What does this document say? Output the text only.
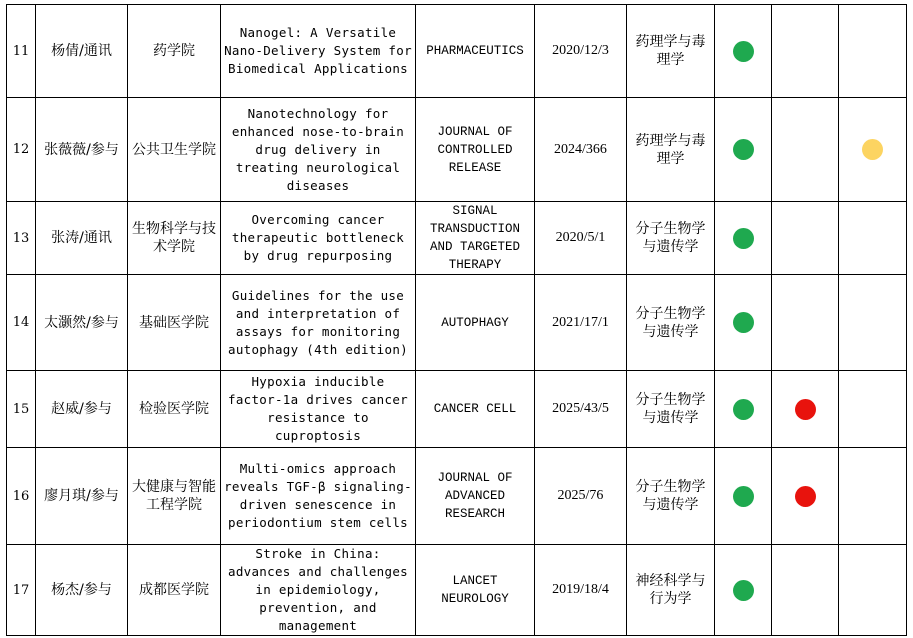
11	杨倩/通讯	药学院	Nanogel: A Versatile Nano-Delivery System for Biomedical Applications	PHARMACEUTICS	2020/12/3	药理学与毒理学			
12	张薇薇/参与	公共卫生学院	Nanotechnology for enhanced nose-to-brain drug delivery in treating neurological diseases	JOURNAL OF CONTROLLED RELEASE	2024/366	药理学与毒理学			
13	张涛/通讯	生物科学与技术学院	Overcoming cancer therapeutic bottleneck by drug repurposing	SIGNAL TRANSDUCTION AND TARGETED THERAPY	2020/5/1	分子生物学与遗传学			
14	太灏然/参与	基础医学院	Guidelines for the use and interpretation of assays for monitoring autophagy (4th edition)	AUTOPHAGY	2021/17/1	分子生物学与遗传学			
15	赵威/参与	检验医学院	Hypoxia inducible factor-1a drives cancer resistance to cuproptosis	CANCER CELL	2025/43/5	分子生物学与遗传学			
16	廖月琪/参与	大健康与智能工程学院	Multi-omics approach reveals TGF-β signaling-driven senescence in periodontium stem cells	JOURNAL OF ADVANCED RESEARCH	2025/76	分子生物学与遗传学			
17	杨杰/参与	成都医学院	Stroke in China: advances and challenges in epidemiology, prevention, and management	LANCET NEUROLOGY	2019/18/4	神经科学与行为学			
